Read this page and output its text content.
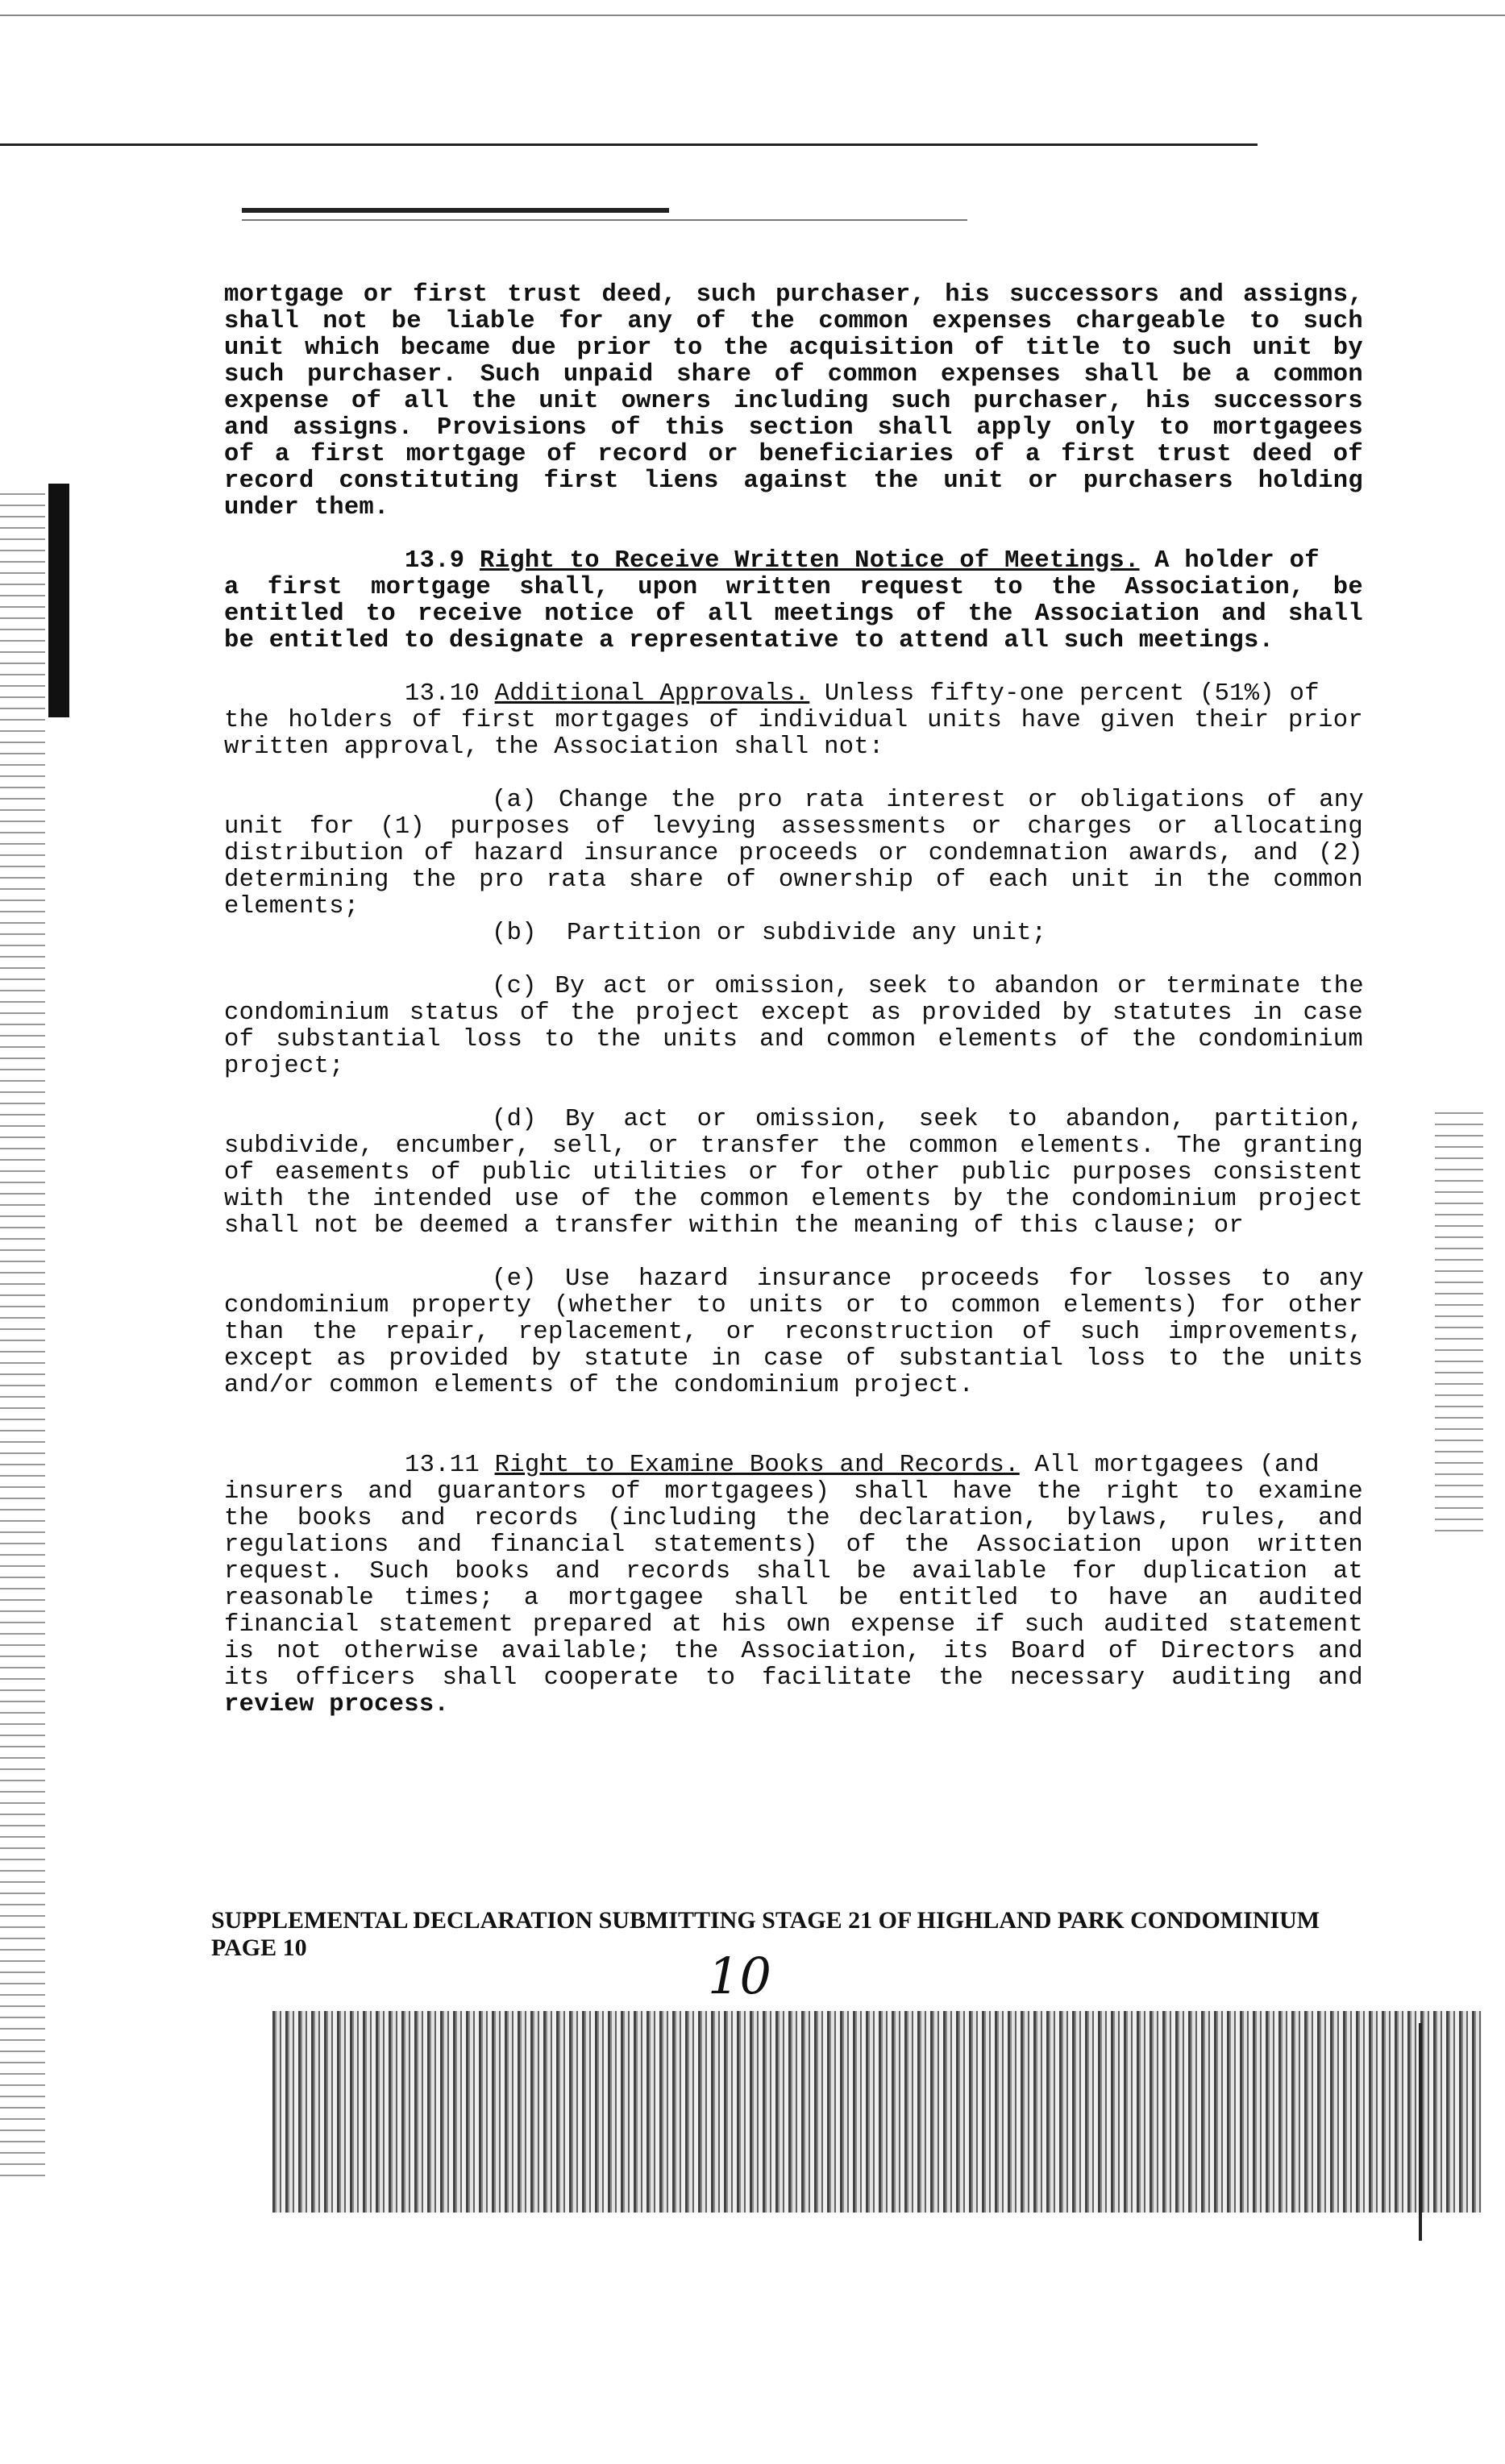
mortgage or first trust deed, such purchaser, his successors and assigns,
shall not be liable for any of the common expenses chargeable to such
unit which became due prior to the acquisition of title to such unit by
such purchaser. Such unpaid share of common expenses shall be a common
expense of all the unit owners including such purchaser, his successors
and assigns. Provisions of this section shall apply only to mortgagees
of a first mortgage of record or beneficiaries of a first trust deed of
record constituting first liens against the unit or purchasers holding
under them.
13.9 Right to Receive Written Notice of Meetings. A holder of
a first mortgage shall, upon written request to the Association, be
entitled to receive notice of all meetings of the Association and shall
be entitled to designate a representative to attend all such meetings.
13.10 Additional Approvals. Unless fifty-one percent (51%) of
the holders of first mortgages of individual units have given their prior
written approval, the Association shall not:
(a) Change the pro rata interest or obligations of any
unit for (1) purposes of levying assessments or charges or allocating
distribution of hazard insurance proceeds or condemnation awards, and (2)
determining the pro rata share of ownership of each unit in the common
elements;
(b)  Partition or subdivide any unit;
(c) By act or omission, seek to abandon or terminate the
condominium status of the project except as provided by statutes in case
of substantial loss to the units and common elements of the condominium
project;
(d) By act or omission, seek to abandon, partition,
subdivide, encumber, sell, or transfer the common elements. The granting
of easements of public utilities or for other public purposes consistent
with the intended use of the common elements by the condominium project
shall not be deemed a transfer within the meaning of this clause; or
(e) Use hazard insurance proceeds for losses to any
condominium property (whether to units or to common elements) for other
than the repair, replacement, or reconstruction of such improvements,
except as provided by statute in case of substantial loss to the units
and/or common elements of the condominium project.
13.11 Right to Examine Books and Records. All mortgagees (and
insurers and guarantors of mortgagees) shall have the right to examine
the books and records (including the declaration, bylaws, rules, and
regulations and financial statements) of the Association upon written
request. Such books and records shall be available for duplication at
reasonable times; a mortgagee shall be entitled to have an audited
financial statement prepared at his own expense if such audited statement
is not otherwise available; the Association, its Board of Directors and
its officers shall cooperate to facilitate the necessary auditing and
review process.
SUPPLEMENTAL DECLARATION SUBMITTING STAGE 21 OF HIGHLAND PARK CONDOMINIUM
PAGE 10	10
